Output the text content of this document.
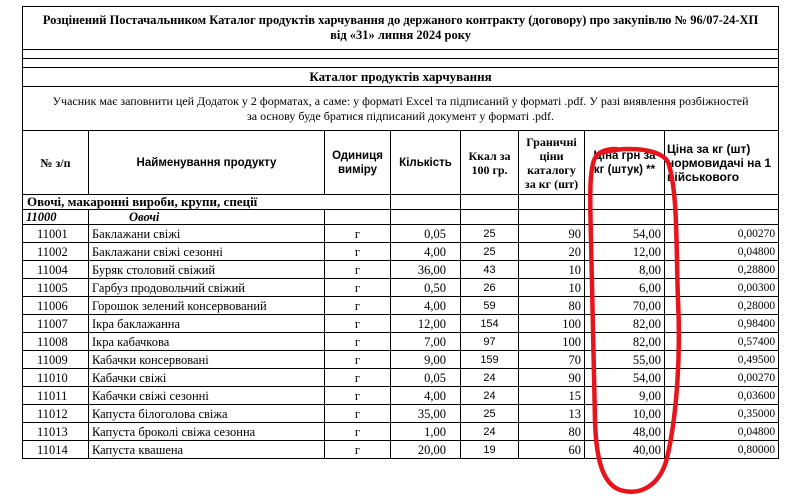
Розцінений Постачальником Каталог продуктів харчування до держаного контракту (договору) про закупівлю № 96/07-24-ХП
від «31» липня 2024 року							

Каталог продуктів харчування							

Учасник має заповнити цей Додаток у 2 форматах, а саме: у форматі Excel та підписаний у форматі .pdf. У разі виявлення розбіжностей
за основу буде братися підписаний документ у форматі .pdf.							

№ з/п	Найменування продукту	Одиниця виміру	Кількість	Ккал за 100 гр.	Граничні ціни каталогу за кг (шт)	Ціна грн за кг (штук) **	Ціна за кг (шт) нормовидачі на 1 військового
Овочі, макаронні вироби, крупи, спеції							
11000	Овочі						
11001	Баклажани свіжі	г	0,05	25	90	54,00	0,00270
11002	Баклажани свіжі сезонні	г	4,00	25	20	12,00	0,04800
11004	Буряк столовий свіжий	г	36,00	43	10	8,00	0,28800
11005	Гарбуз продовольчий свіжий	г	0,50	26	10	6,00	0,00300
11006	Горошок зелений консервований	г	4,00	59	80	70,00	0,28000
11007	Ікра баклажанна	г	12,00	154	100	82,00	0,98400
11008	Ікра кабачкова	г	7,00	97	100	82,00	0,57400
11009	Кабачки консервовані	г	9,00	159	70	55,00	0,49500
11010	Кабачки свіжі	г	0,05	24	90	54,00	0,00270
11011	Кабачки свіжі сезонні	г	4,00	24	15	9,00	0,03600
11012	Капуста білоголова свіжа	г	35,00	25	13	10,00	0,35000
11013	Капуста броколі свіжа сезонна	г	1,00	24	80	48,00	0,04800
11014	Капуста квашена	г	20,00	19	60	40,00	0,80000
